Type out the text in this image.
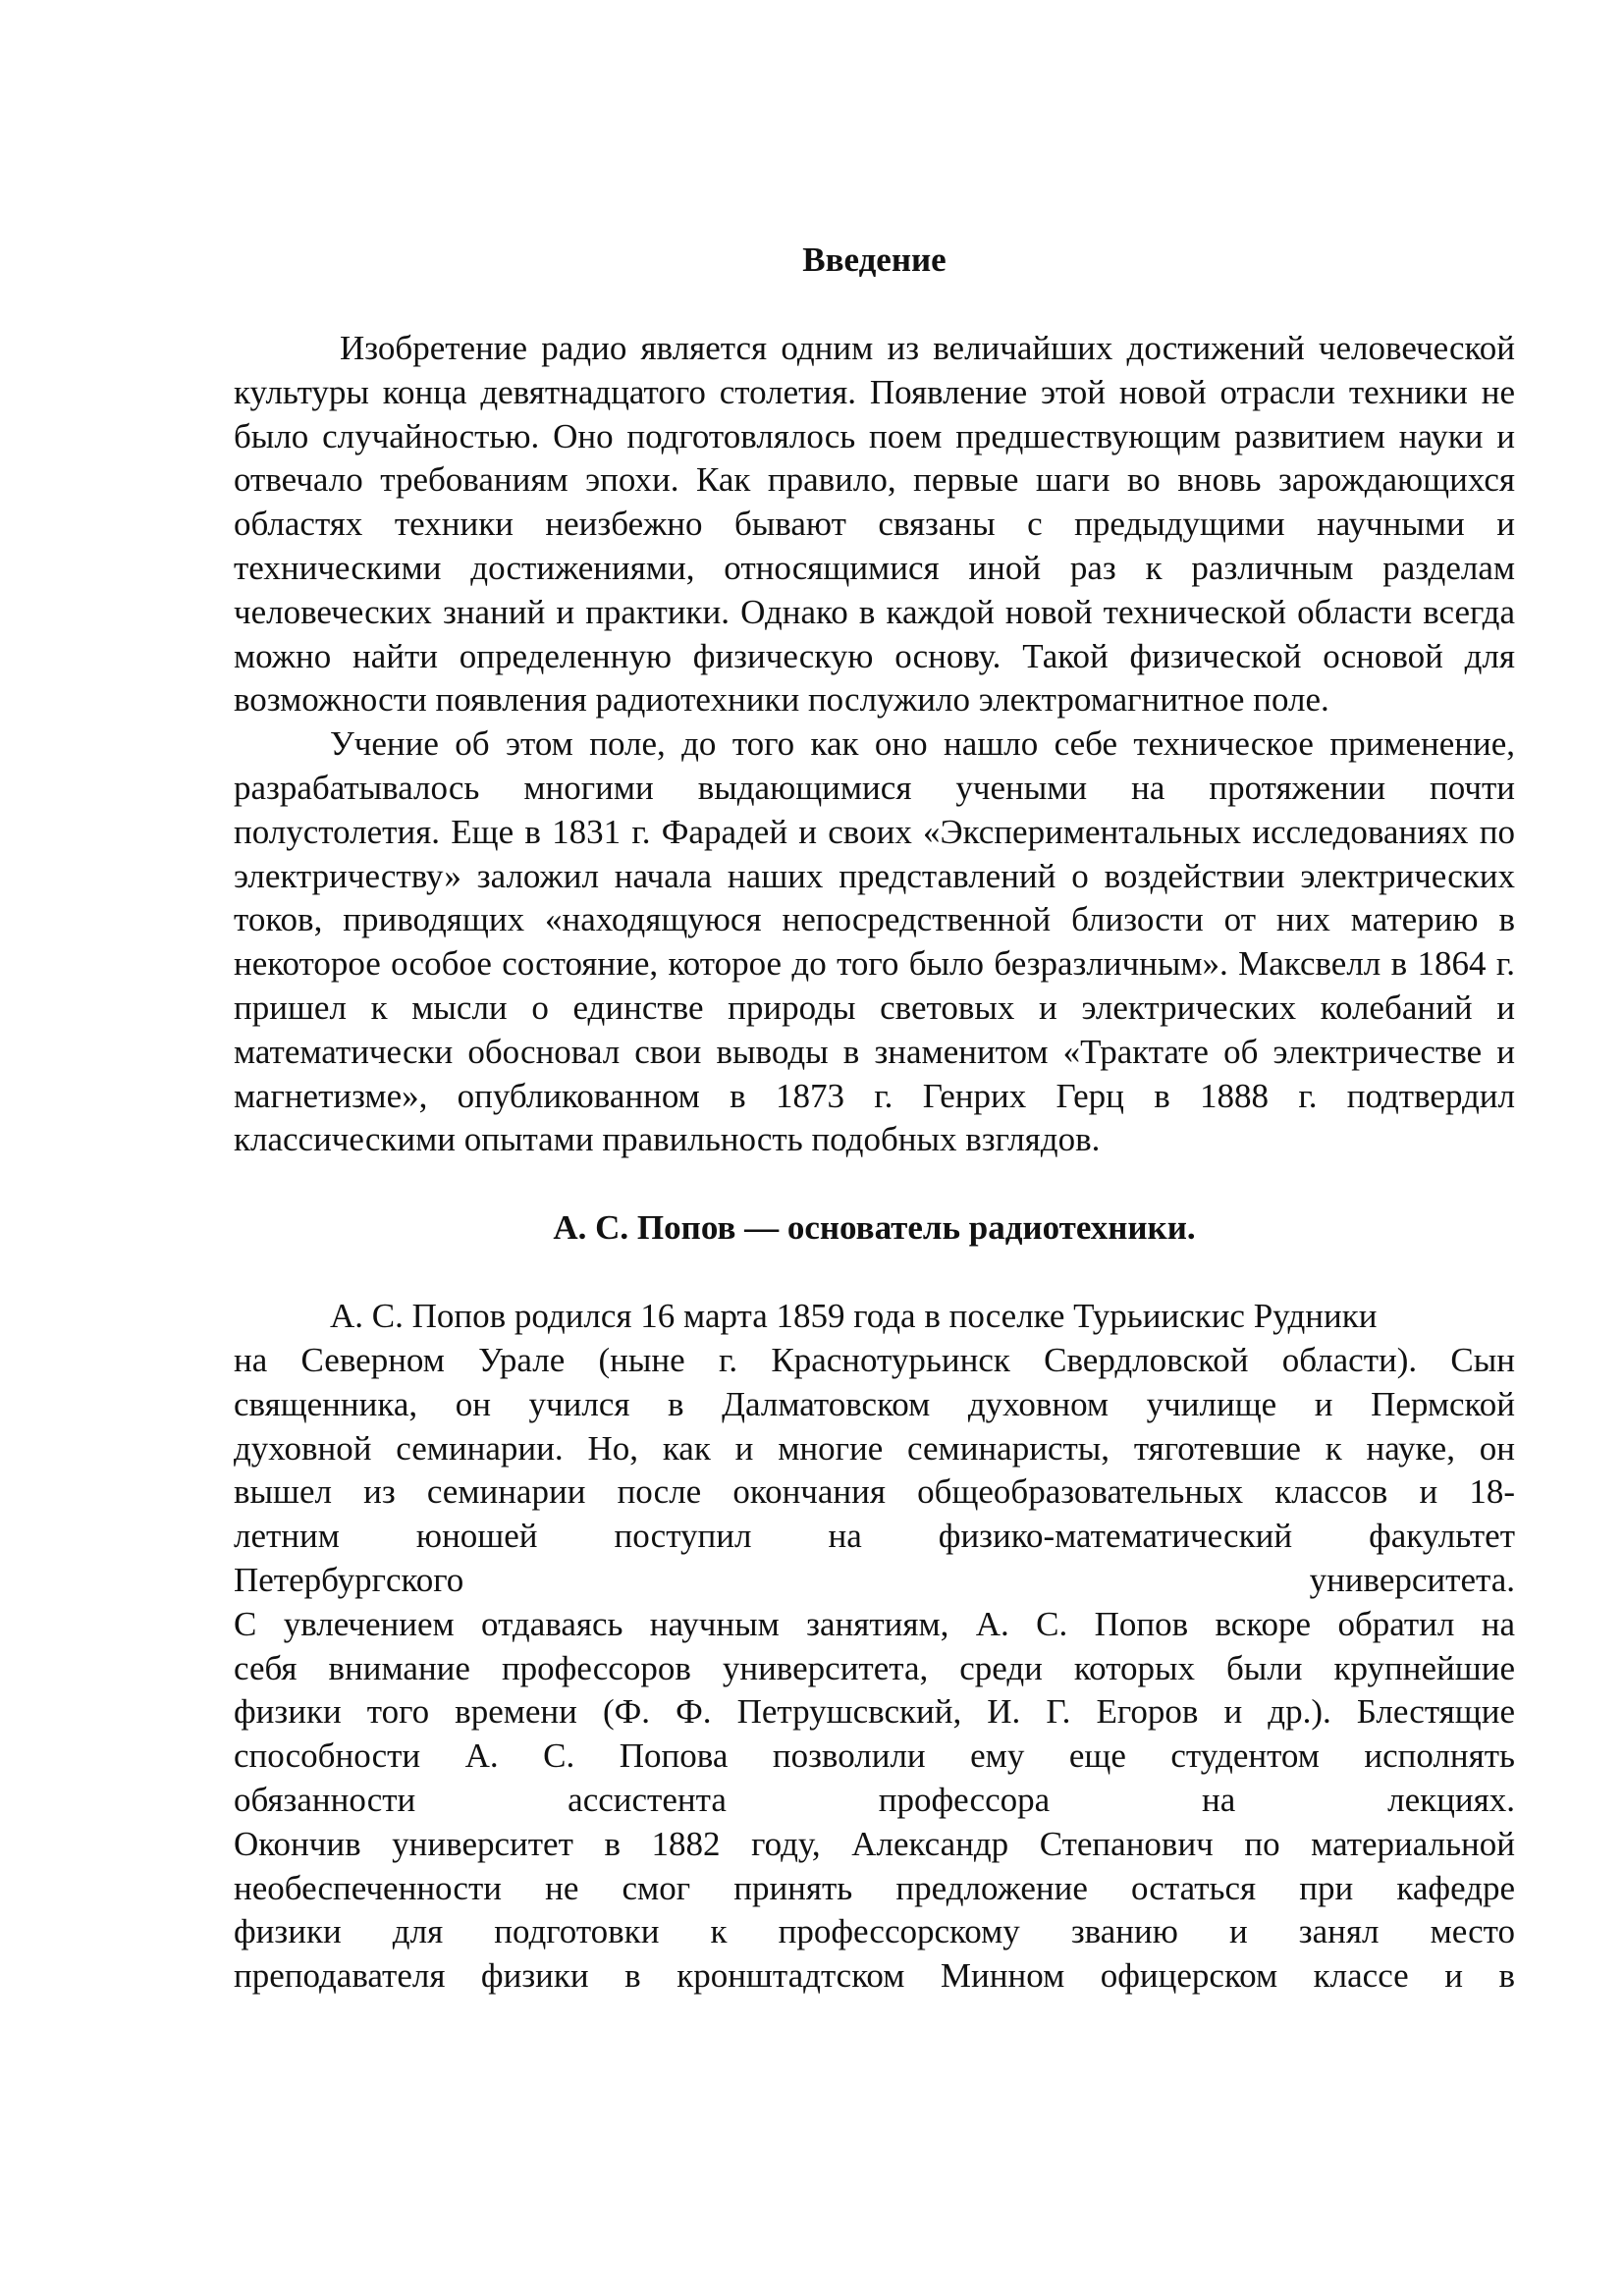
Введение

Изобретение радио является одним из величайших достижений человеческой культуры конца девятнадцатого столетия. Появление этой новой отрасли техники не было случайностью. Оно подготовлялось поем предшествующим развитием науки и отвечало требованиям эпохи. Как правило, первые шаги во вновь зарождающихся областях техники неизбежно бывают связаны с предыдущими научными и техническими достижениями, относящимися иной раз к различным разделам человеческих знаний и практики. Однако в каждой новой технической области всегда можно найти определенную физическую основу. Такой физической основой для возможности появления радиотехники послужило электромагнитное поле.

Учение об этом поле, до того как оно нашло себе техническое применение, разрабатывалось многими выдающимися учеными на протяжении почти полустолетия. Еще в 1831 г. Фарадей и своих «Экспериментальных исследованиях по электричеству» заложил начала наших представлений о воздействии электрических токов, приводящих «находящуюся непосредственной близости от них материю в некоторое особое состояние, которое до того было безразличным». Максвелл в 1864 г. пришел к мысли о единстве природы световых и электрических колебаний и математически обосновал свои выводы в знаменитом «Трактате об электричестве и магнетизме», опубликованном в 1873 г. Генрих Герц в 1888 г. подтвердил классическими опытами правильность подобных взглядов.

А. С. Попов — основатель радиотехники.
А. С. Попов родился 16 марта 1859 года в поселке Турьиискис Рудники
на Северном Урале (ныне г. Краснотурьинск Свердловской области). Сын
священника, он учился в Далматовском духовном училище и Пермской
духовной семинарии. Но, как и многие семинаристы, тяготевшие к науке, он
вышел из семинарии после окончания общеобразовательных классов и 18-
летним юношей поступил на физико-математический факультет
Петербургского университета.
С увлечением отдаваясь научным занятиям, А. С. Попов вскоре обратил на
себя внимание профессоров университета, среди которых были крупнейшие
физики того времени (Ф. Ф. Петрушсвский, И. Г. Егоров и др.). Блестящие
способности А. С. Попова позволили ему еще студентом исполнять
обязанности ассистента профессора на лекциях.
Окончив университет в 1882 году, Александр Степанович по материальной
необеспеченности не смог принять предложение остаться при кафедре
физики для подготовки к профессорскому званию и занял место
преподавателя физики в кронштадтском Минном офицерском классе и в
